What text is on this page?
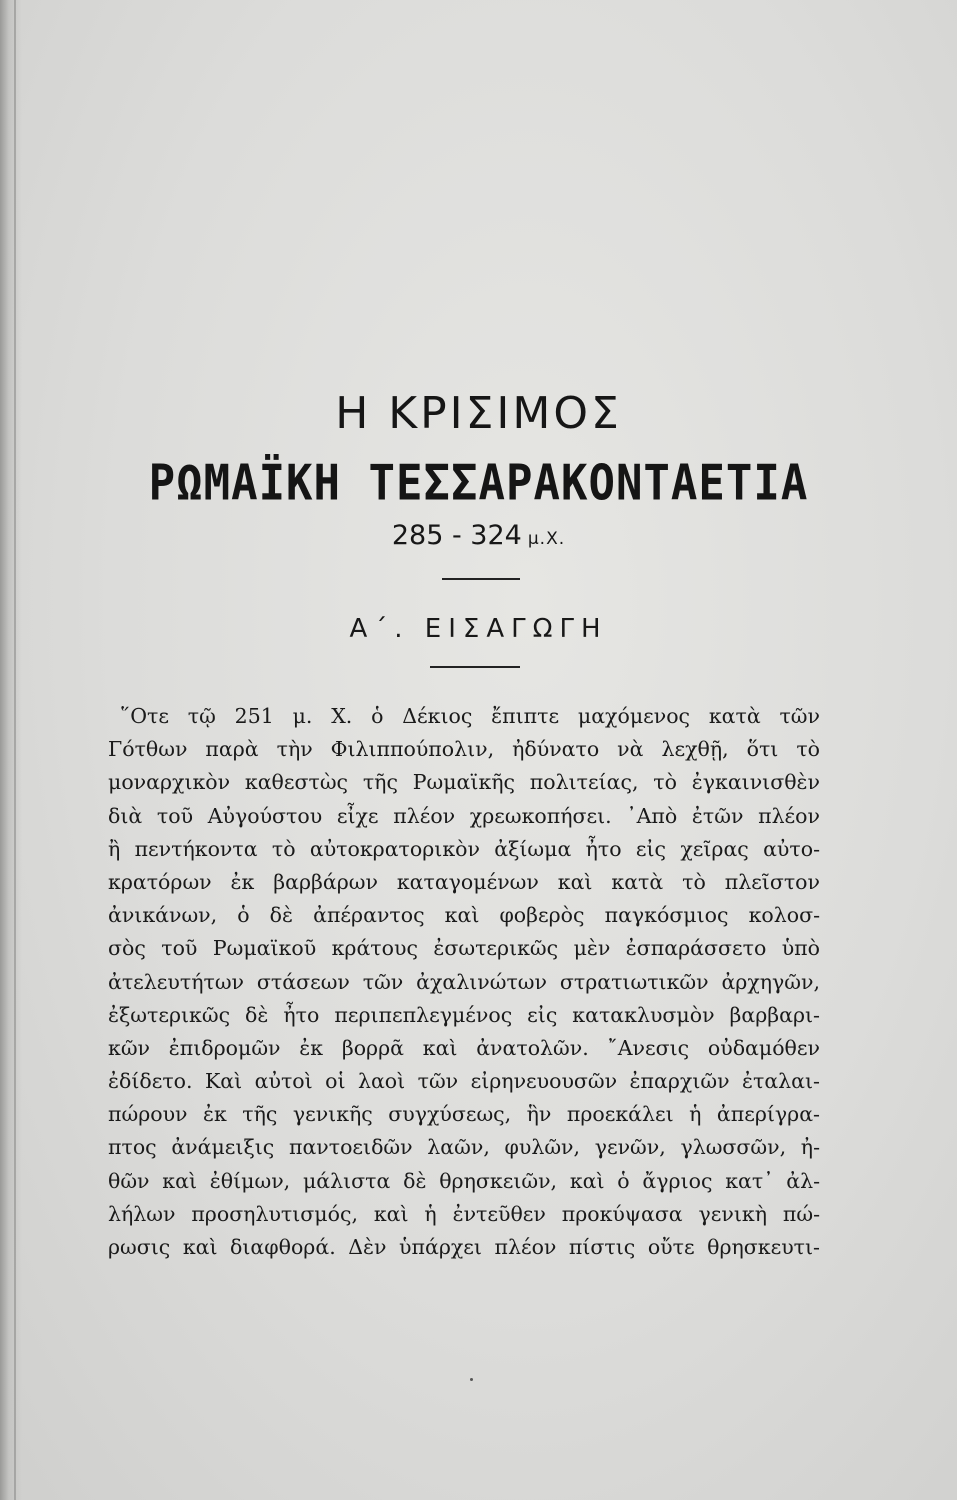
Η ΚΡΙΣΙΜΟΣ
ΡΩΜΑΪΚΗ ΤΕΣΣΑΡΑΚΟΝΤΑΕΤΙΑ
285 - 324 μ.Χ.
Α΄. ΕΙΣΑΓΩΓΗ
῞Οτε τῷ 251 μ. Χ. ὁ Δέκιος ἔπιπτε μαχόμενος κατὰ τῶν
Γότθων παρὰ τὴν Φιλιππούπολιν, ἠδύνατο νὰ λεχθῇ, ὅτι τὸ
μοναρχικὸν καθεστὼς τῆς Ρωμαϊκῆς πολιτείας, τὸ ἐγκαινισθὲν
διὰ τοῦ Αὐγούστου εἶχε πλέον χρεωκοπήσει. ᾿Απὸ ἐτῶν πλέον
ἢ πεντήκοντα τὸ αὐτοκρατορικὸν ἀξίωμα ἦτο εἰς χεῖρας αὐτο-
κρατόρων ἐκ βαρβάρων καταγομένων καὶ κατὰ τὸ πλεῖστον
ἀνικάνων, ὁ δὲ ἀπέραντος καὶ φοβερὸς παγκόσμιος κολοσ-
σὸς τοῦ Ρωμαϊκοῦ κράτους ἐσωτερικῶς μὲν ἐσπαράσσετο ὑπὸ
ἀτελευτήτων στάσεων τῶν ἀχαλινώτων στρατιωτικῶν ἀρχηγῶν,
ἐξωτερικῶς δὲ ἦτο περιπεπλεγμένος εἰς κατακλυσμὸν βαρβαρι-
κῶν ἐπιδρομῶν ἐκ βορρᾶ καὶ ἀνατολῶν. ῎Ανεσις οὐδαμόθεν
ἐδίδετο. Καὶ αὐτοὶ οἱ λαοὶ τῶν εἰρηνευουσῶν ἐπαρχιῶν ἐταλαι-
πώρουν ἐκ τῆς γενικῆς συγχύσεως, ἣν προεκάλει ἡ ἀπερίγρα-
πτος ἀνάμειξις παντοειδῶν λαῶν, φυλῶν, γενῶν, γλωσσῶν, ἠ-
θῶν καὶ ἐθίμων, μάλιστα δὲ θρησκειῶν, καὶ ὁ ἄγριος κατ᾿ ἀλ-
λήλων προσηλυτισμός, καὶ ἡ ἐντεῦθεν προκύψασα γενικὴ πώ-
ρωσις καὶ διαφθορά. Δὲν ὑπάρχει πλέον πίστις οὔτε θρησκευτι-
